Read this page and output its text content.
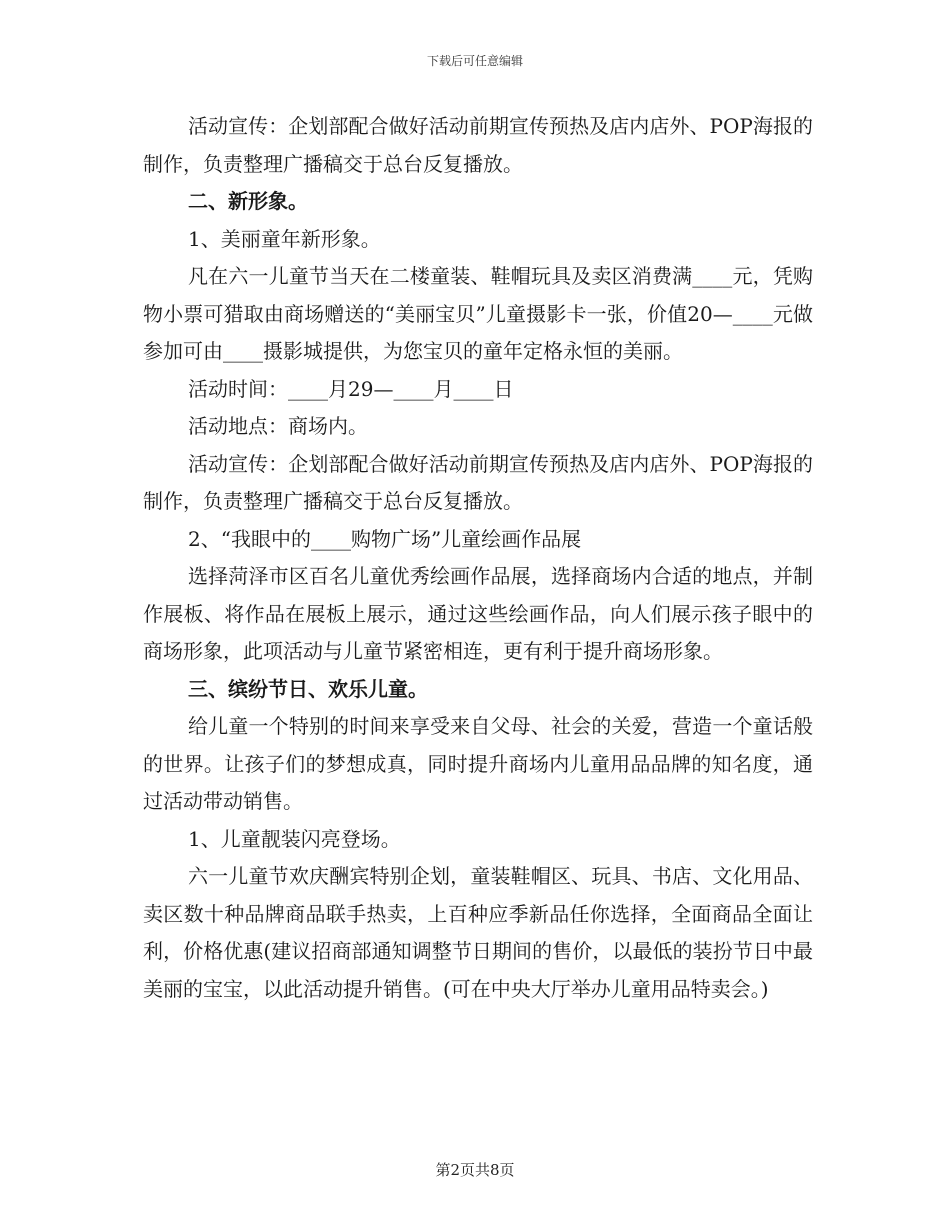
下载后可任意编辑

活动宣传：企划部配合做好活动前期宣传预热及店内店外、POP海报的制作，负责整理广播稿交于总台反复播放。

二、新形象。

1、美丽童年新形象。

凡在六一儿童节当天在二楼童装、鞋帽玩具及卖区消费满____元，凭购物小票可猎取由商场赠送的“美丽宝贝”儿童摄影卡一张，价值20—____元做参加可由____摄影城提供，为您宝贝的童年定格永恒的美丽。

活动时间：____月29—____月____日

活动地点：商场内。

活动宣传：企划部配合做好活动前期宣传预热及店内店外、POP海报的制作，负责整理广播稿交于总台反复播放。

2、“我眼中的____购物广场”儿童绘画作品展

选择菏泽市区百名儿童优秀绘画作品展，选择商场内合适的地点，并制作展板、将作品在展板上展示，通过这些绘画作品，向人们展示孩子眼中的商场形象，此项活动与儿童节紧密相连，更有利于提升商场形象。

三、缤纷节日、欢乐儿童。

给儿童一个特别的时间来享受来自父母、社会的关爱，营造一个童话般的世界。让孩子们的梦想成真，同时提升商场内儿童用品品牌的知名度，通过活动带动销售。

1、儿童靓装闪亮登场。

六一儿童节欢庆酬宾特别企划，童装鞋帽区、玩具、书店、文化用品、卖区数十种品牌商品联手热卖，上百种应季新品任你选择，全面商品全面让利，价格优惠(建议招商部通知调整节日期间的售价，以最低的装扮节日中最美丽的宝宝，以此活动提升销售。(可在中央大厅举办儿童用品特卖会。)

第2页共8页
